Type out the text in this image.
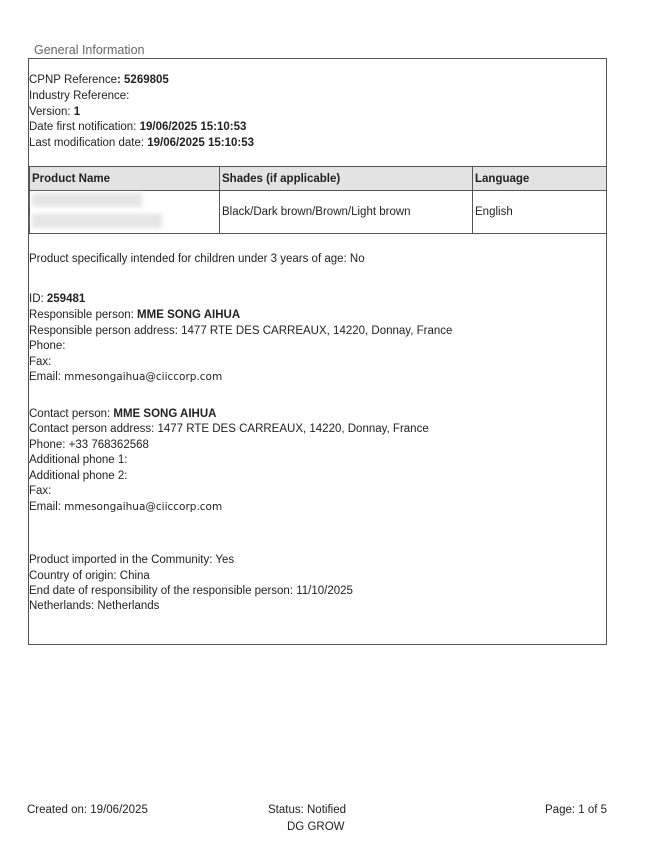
General Information
CPNP Reference: 5269805
Industry Reference:
Version: 1
Date first notification: 19/06/2025 15:10:53
Last modification date: 19/06/2025 15:10:53
Product Name	Shades (if applicable)	Language

	Black/Dark brown/Brown/Light brown	English
Product specifically intended for children under 3 years of age: No
ID: 259481
Responsible person: MME SONG AIHUA
Responsible person address: 1477 RTE DES CARREAUX, 14220, Donnay, France
Phone:
Fax:
Email: mmesongaihua@ciiccorp.com
Contact person: MME SONG AIHUA
Contact person address: 1477 RTE DES CARREAUX, 14220, Donnay, France
Phone: +33 768362568
Additional phone 1:
Additional phone 2:
Fax:
Email: mmesongaihua@ciiccorp.com
Product imported in the Community: Yes
Country of origin: China
End date of responsibility of the responsible person: 11/10/2025
Netherlands: Netherlands
Created on: 19/06/2025	Status: Notified
DG GROW
Page: 1 of 5
